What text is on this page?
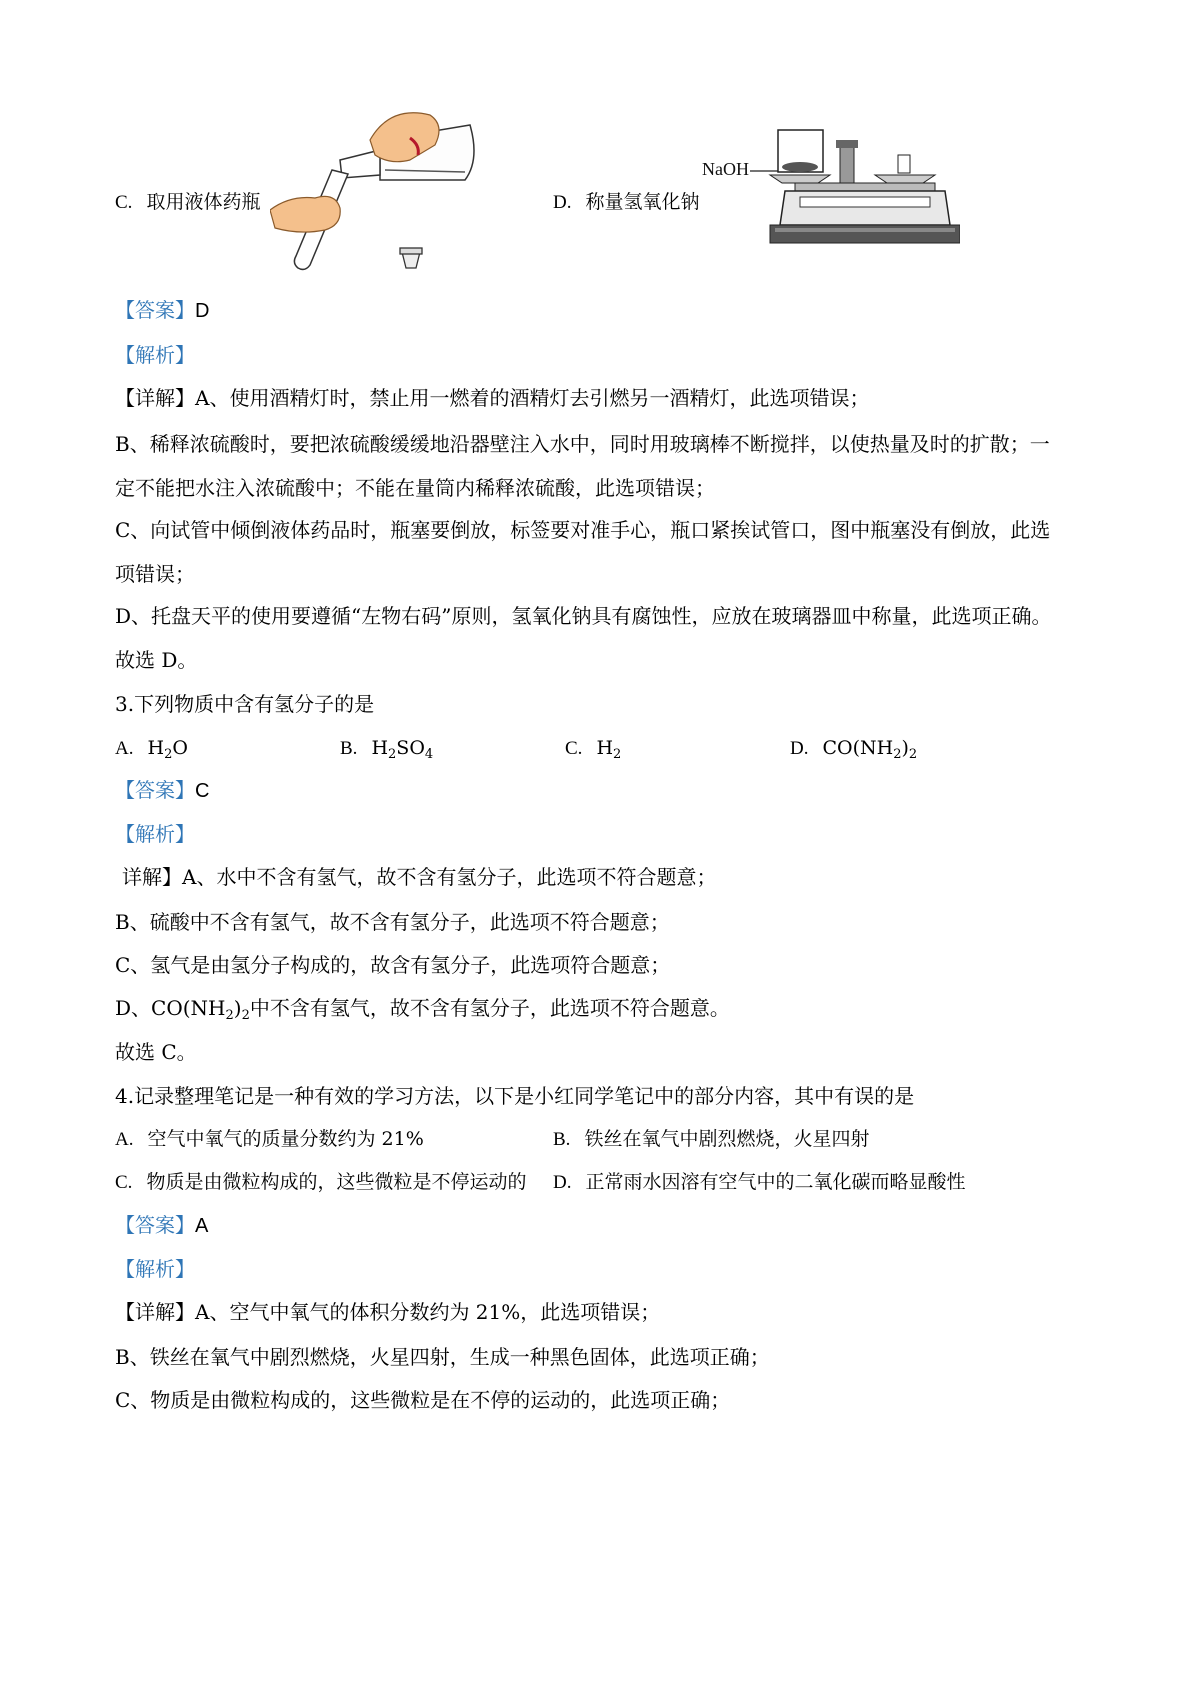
C. 取用液体药瓶	D. 称量氢氧化钠
NaOH
【答案】D
【解析】
【详解】A、使用酒精灯时，禁止用一燃着的酒精灯去引燃另一酒精灯，此选项错误；
B、稀释浓硫酸时，要把浓硫酸缓缓地沿器壁注入水中，同时用玻璃棒不断搅拌，以使热量及时的扩散；一
定不能把水注入浓硫酸中；不能在量筒内稀释浓硫酸，此选项错误；
C、向试管中倾倒液体药品时，瓶塞要倒放，标签要对准手心，瓶口紧挨试管口，图中瓶塞没有倒放，此选
项错误；
D、托盘天平的使用要遵循“左物右码”原则，氢氧化钠具有腐蚀性，应放在玻璃器皿中称量，此选项正确。
故选 D。
3.下列物质中含有氢分子的是
A. $H_2O$	B. $H_2SO_4$	C. $H_2$	D. $CO(NH_2)_2$
【答案】C
【解析】
详解】A、水中不含有氢气，故不含有氢分子，此选项不符合题意；
B、硫酸中不含有氢气，故不含有氢分子，此选项不符合题意；
C、氢气是由氢分子构成的，故含有氢分子，此选项符合题意；
D、$CO(NH_2)_2$中不含有氢气，故不含有氢分子，此选项不符合题意。
故选 C。
4.记录整理笔记是一种有效的学习方法，以下是小红同学笔记中的部分内容，其中有误的是
A. 空气中氧气的质量分数约为 21%	B. 铁丝在氧气中剧烈燃烧，火星四射
C. 物质是由微粒构成的，这些微粒是不停运动的 D. 正常雨水因溶有空气中的二氧化碳而略显酸性
【答案】A
【解析】
【详解】A、空气中氧气的体积分数约为 21%，此选项错误；
B、铁丝在氧气中剧烈燃烧，火星四射，生成一种黑色固体，此选项正确；
C、物质是由微粒构成的，这些微粒是在不停的运动的，此选项正确；
